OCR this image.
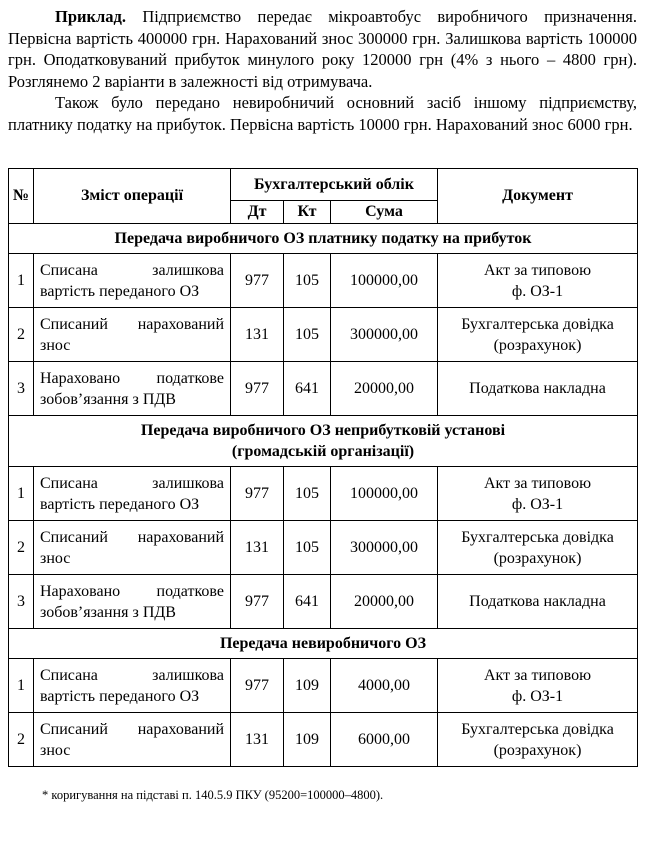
Приклад. Підприємство передає мікроавтобус виробничого призначення. Первісна вартість 400000 грн. Нарахований знос 300000 грн. Залишкова вартість 100000 грн. Оподатковуваний прибуток минулого року 120000 грн (4% з нього – 4800 грн). Розглянемо 2 варіанти в залежності від отримувача.

Також було передано невиробничий основний засіб іншому підприємству, платнику податку на прибуток. Первісна вартість 10000 грн. Нарахований знос 6000 грн.

№	Зміст операції	Бухгалтерський облік			Документ
		Дт	Кт	Сума	
Передача виробничого ОЗ платнику податку на прибуток					
1	Списана залишкова вартість переданого ОЗ	977	105	100000,00	Акт за типовою
ф. ОЗ-1
2	Списаний нарахований знос	131	105	300000,00	Бухгалтерська довідка
(розрахунок)
3	Нараховано податкове зобов’язання з ПДВ	977	641	20000,00	Податкова накладна
Передача виробничого ОЗ неприбутковій установі
(громадській організації)					
1	Списана залишкова вартість переданого ОЗ	977	105	100000,00	Акт за типовою
ф. ОЗ-1
2	Списаний нарахований знос	131	105	300000,00	Бухгалтерська довідка
(розрахунок)
3	Нараховано податкове зобов’язання з ПДВ	977	641	20000,00	Податкова накладна
Передача невиробничого ОЗ					
1	Списана залишкова вартість переданого ОЗ	977	109	4000,00	Акт за типовою
ф. ОЗ-1
2	Списаний нарахований знос	131	109	6000,00	Бухгалтерська довідка
(розрахунок)

* коригування на підставі п. 140.5.9 ПКУ (95200=100000–4800).
